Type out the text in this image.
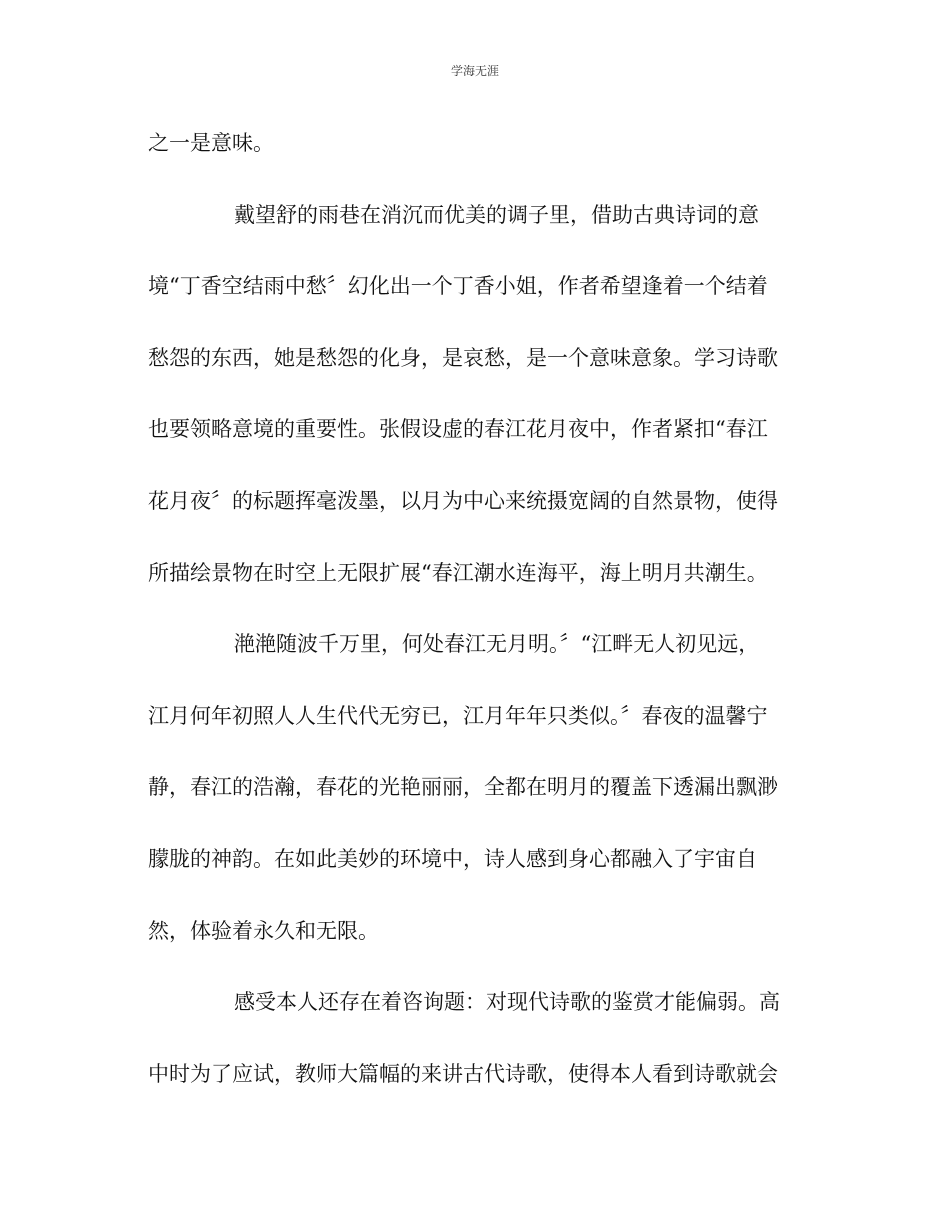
学海无涯
之一是意味。
戴望舒的雨巷在消沉而优美的调子里，借助古典诗词的意
境“丁香空结雨中愁〞幻化出一个丁香小姐，作者希望逢着一个结着
愁怨的东西，她是愁怨的化身，是哀愁，是一个意味意象。学习诗歌
也要领略意境的重要性。张假设虚的春江花月夜中，作者紧扣“春江
花月夜〞的标题挥毫泼墨，以月为中心来统摄宽阔的自然景物，使得
所描绘景物在时空上无限扩展“春江潮水连海平，海上明月共潮生。
滟滟随波千万里，何处春江无月明。〞“江畔无人初见远，
江月何年初照人人生代代无穷已，江月年年只类似。〞春夜的温馨宁
静，春江的浩瀚，春花的光艳丽丽，全都在明月的覆盖下透漏出飘渺
朦胧的神韵。在如此美妙的环境中，诗人感到身心都融入了宇宙自
然，体验着永久和无限。
感受本人还存在着咨询题：对现代诗歌的鉴赏才能偏弱。高
中时为了应试，教师大篇幅的来讲古代诗歌，使得本人看到诗歌就会
